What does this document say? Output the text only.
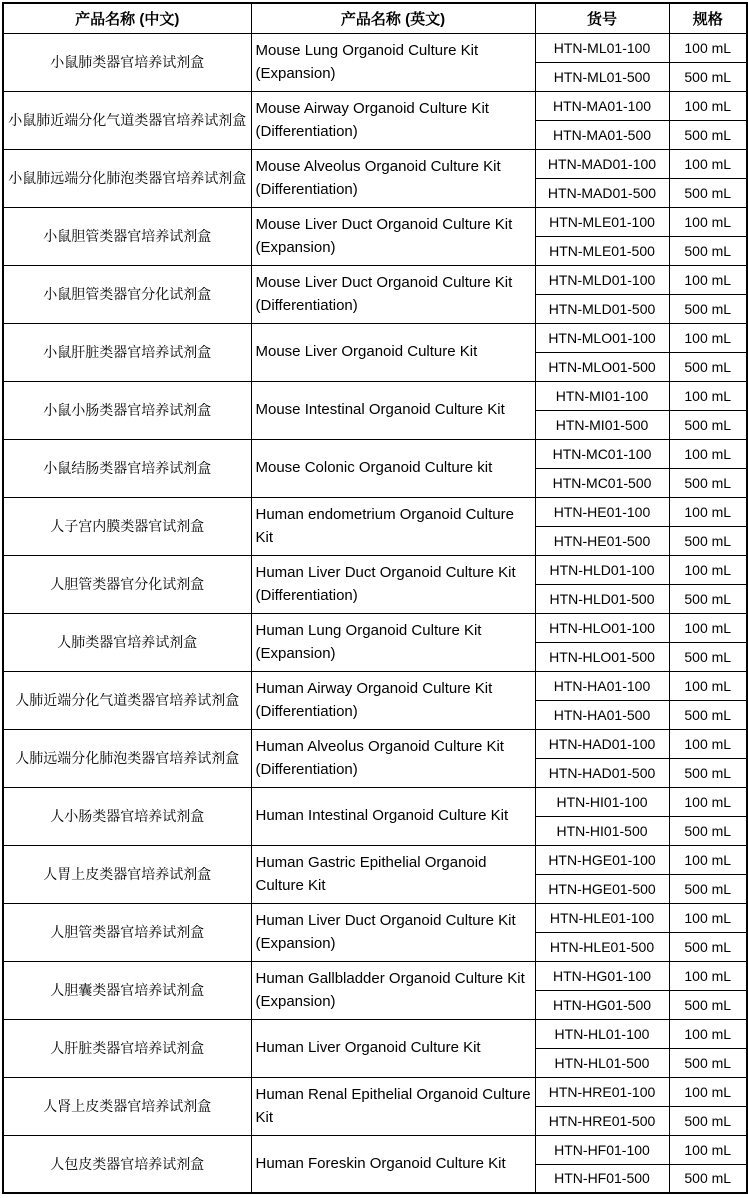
产品名称 (中文)	产品名称 (英文)	货号	规格
小鼠肺类器官培养试剂盒	Mouse Lung Organoid Culture Kit (Expansion)	HTN-ML01-100	100 mL
		HTN-ML01-500	500 mL
小鼠肺近端分化气道类器官培养试剂盒	Mouse Airway Organoid Culture Kit (Differentiation)	HTN-MA01-100	100 mL
		HTN-MA01-500	500 mL
小鼠肺远端分化肺泡类器官培养试剂盒	Mouse Alveolus Organoid Culture Kit (Differentiation)	HTN-MAD01-100	100 mL
		HTN-MAD01-500	500 mL
小鼠胆管类器官培养试剂盒	Mouse Liver Duct Organoid Culture Kit (Expansion)	HTN-MLE01-100	100 mL
		HTN-MLE01-500	500 mL
小鼠胆管类器官分化试剂盒	Mouse Liver Duct Organoid Culture Kit (Differentiation)	HTN-MLD01-100	100 mL
		HTN-MLD01-500	500 mL
小鼠肝脏类器官培养试剂盒	Mouse Liver Organoid Culture Kit	HTN-MLO01-100	100 mL
		HTN-MLO01-500	500 mL
小鼠小肠类器官培养试剂盒	Mouse Intestinal Organoid Culture Kit	HTN-MI01-100	100 mL
		HTN-MI01-500	500 mL
小鼠结肠类器官培养试剂盒	Mouse Colonic Organoid Culture kit	HTN-MC01-100	100 mL
		HTN-MC01-500	500 mL
人子宫内膜类器官试剂盒	Human endometrium Organoid Culture Kit	HTN-HE01-100	100 mL
		HTN-HE01-500	500 mL
人胆管类器官分化试剂盒	Human Liver Duct Organoid Culture Kit (Differentiation)	HTN-HLD01-100	100 mL
		HTN-HLD01-500	500 mL
人肺类器官培养试剂盒	Human Lung Organoid Culture Kit (Expansion)	HTN-HLO01-100	100 mL
		HTN-HLO01-500	500 mL
人肺近端分化气道类器官培养试剂盒	Human Airway Organoid Culture Kit (Differentiation)	HTN-HA01-100	100 mL
		HTN-HA01-500	500 mL
人肺远端分化肺泡类器官培养试剂盒	Human Alveolus Organoid Culture Kit (Differentiation)	HTN-HAD01-100	100 mL
		HTN-HAD01-500	500 mL
人小肠类器官培养试剂盒	Human Intestinal Organoid Culture Kit	HTN-HI01-100	100 mL
		HTN-HI01-500	500 mL
人胃上皮类器官培养试剂盒	Human Gastric Epithelial Organoid Culture Kit	HTN-HGE01-100	100 mL
		HTN-HGE01-500	500 mL
人胆管类器官培养试剂盒	Human Liver Duct Organoid Culture Kit (Expansion)	HTN-HLE01-100	100 mL
		HTN-HLE01-500	500 mL
人胆囊类器官培养试剂盒	Human Gallbladder Organoid Culture Kit (Expansion)	HTN-HG01-100	100 mL
		HTN-HG01-500	500 mL
人肝脏类器官培养试剂盒	Human Liver Organoid Culture Kit	HTN-HL01-100	100 mL
		HTN-HL01-500	500 mL
人肾上皮类器官培养试剂盒	Human Renal Epithelial Organoid Culture Kit	HTN-HRE01-100	100 mL
		HTN-HRE01-500	500 mL
人包皮类器官培养试剂盒	Human Foreskin Organoid Culture Kit	HTN-HF01-100	100 mL
		HTN-HF01-500	500 mL
